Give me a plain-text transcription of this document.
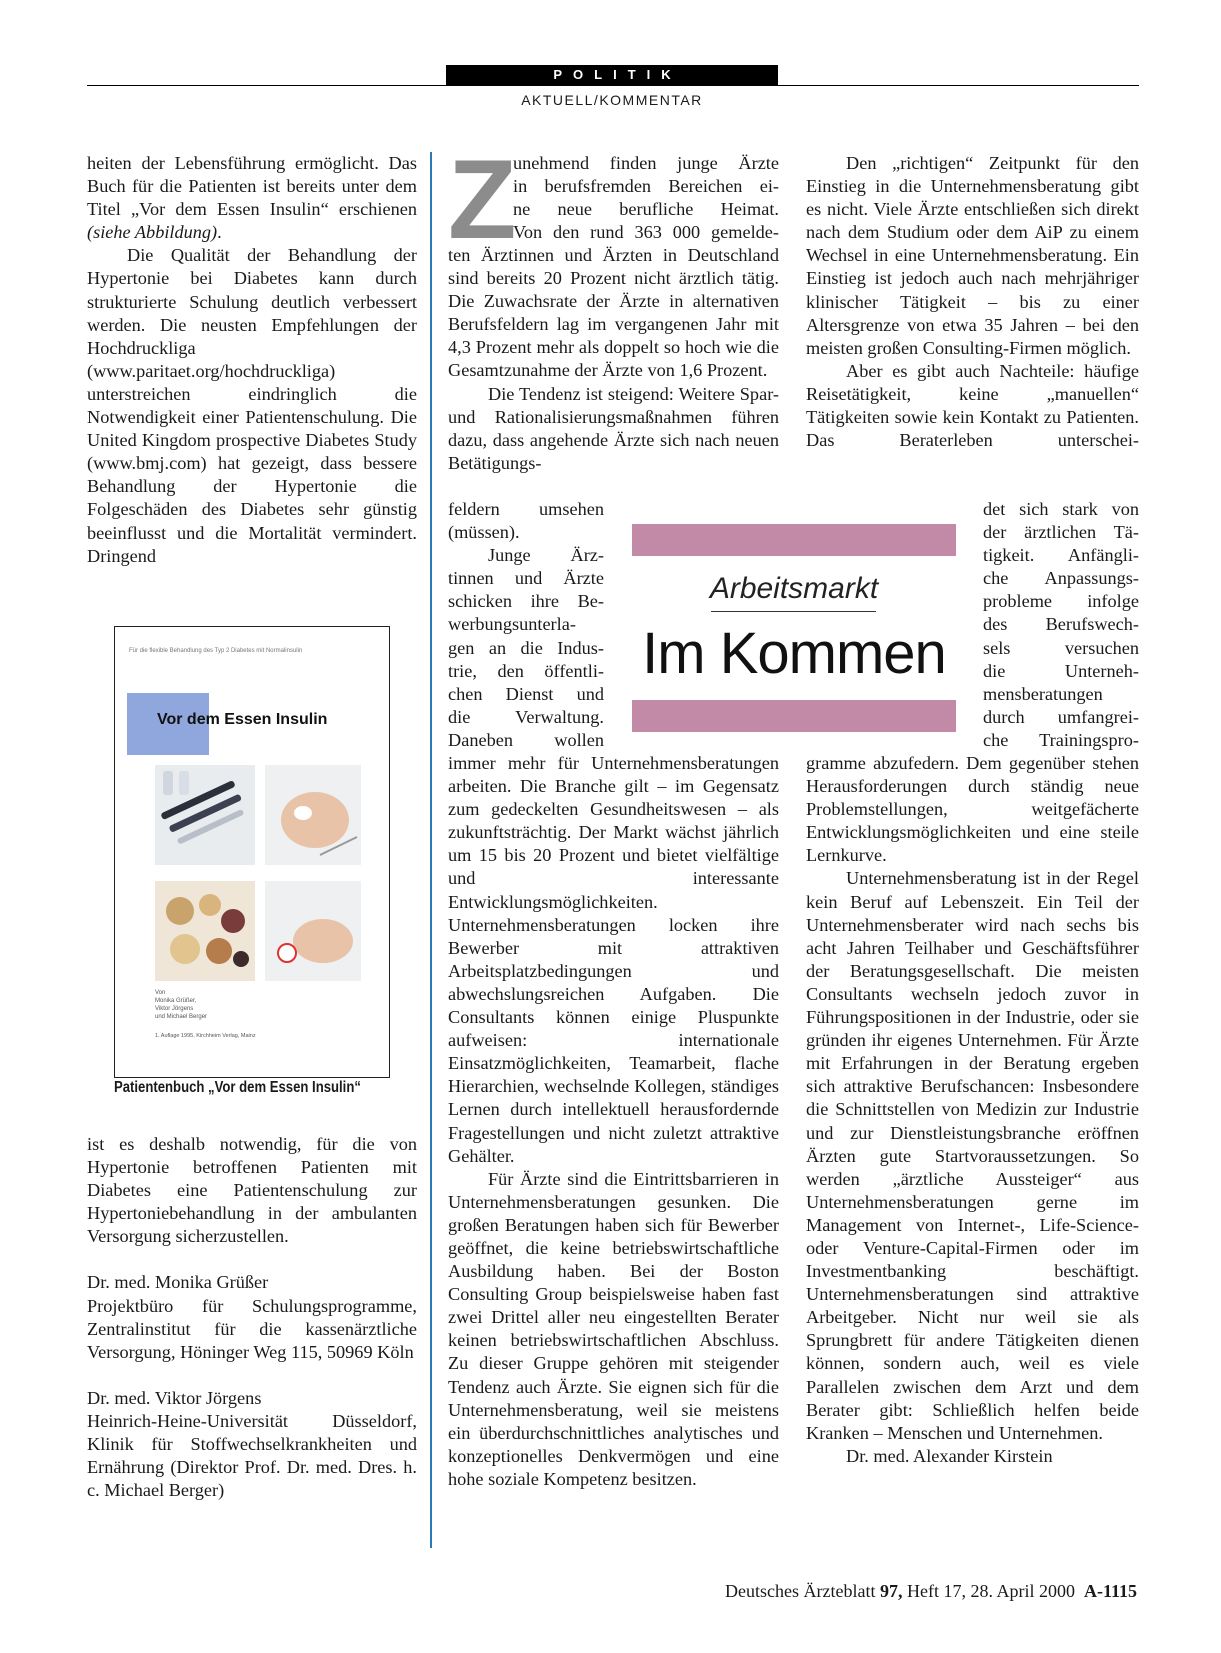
POLITIK
AKTUELL/KOMMENTAR

heiten der Lebensführung ermöglicht. Das Buch für die Patienten ist bereits unter dem Titel „Vor dem Essen Insulin“ erschienen (siehe Abbildung).

Die Qualität der Behandlung der Hypertonie bei Diabetes kann durch strukturierte Schulung deutlich verbessert werden. Die neusten Empfehlungen der Hochdruckliga (www.paritaet.org/hochdruckliga) unterstreichen eindringlich die Notwendigkeit einer Patientenschulung. Die United Kingdom prospective Diabetes Study (www.bmj.com) hat gezeigt, dass bessere Behandlung der Hypertonie die Folgeschäden des Diabetes sehr günstig beeinflusst und die Mortalität vermindert. Dringend

Für die flexible Behandlung des Typ 2 Diabetes mit Normalinsulin
Vor dem Essen Insulin
Von
Monika Grüßer,
Viktor Jörgens
und Michael Berger
1. Auflage 1995, Kirchheim Verlag, Mainz
Patientenbuch „Vor dem Essen Insulin“

ist es deshalb notwendig, für die von Hypertonie betroffenen Patienten mit Diabetes eine Patientenschulung zur Hypertoniebehandlung in der ambulanten Versorgung sicherzustellen.

Dr. med. Monika Grüßer

Projektbüro für Schulungsprogramme, Zentralinstitut für die kassenärztliche Versorgung, Höninger Weg 115, 50969 Köln

Dr. med. Viktor Jörgens

Heinrich-Heine-Universität Düsseldorf, Klinik für Stoffwechselkrankheiten und Ernährung (Direktor Prof. Dr. med. Dres. h. c. Michael Berger)

Z
unehmend finden junge Ärzte
in berufsfremden Bereichen ei-
ne neue berufliche Heimat.
Von den rund 363 000 gemelde-

ten Ärztinnen und Ärzten in Deutschland sind bereits 20 Prozent nicht ärztlich tätig. Die Zuwachsrate der Ärzte in alternativen Berufsfeldern lag im vergangenen Jahr mit 4,3 Prozent mehr als doppelt so hoch wie die Gesamtzunahme der Ärzte von 1,6 Prozent.

Die Tendenz ist steigend: Weitere Spar- und Rationalisierungsmaßnahmen führen dazu, dass angehende Ärzte sich nach neuen Betätigungs-

feldern umsehen
(müssen).
Junge Ärz-
tinnen und Ärzte
schicken ihre Be-
werbungsunterla-
gen an die Indus-
trie, den öffentli-
chen Dienst und
die Verwaltung.
Daneben wollen
Arbeitsmarkt
Im Kommen

immer mehr für Unternehmensberatungen arbeiten. Die Branche gilt – im Gegensatz zum gedeckelten Gesundheitswesen – als zukunftsträchtig. Der Markt wächst jährlich um 15 bis 20 Prozent und bietet vielfältige und interessante Entwicklungsmöglichkeiten. Unternehmensberatungen locken ihre Bewerber mit attraktiven Arbeitsplatzbedingungen und abwechslungsreichen Aufgaben. Die Consultants können einige Pluspunkte aufweisen: internationale Einsatzmöglichkeiten, Teamarbeit, flache Hierarchien, wechselnde Kollegen, ständiges Lernen durch intellektuell herausfordernde Fragestellungen und nicht zuletzt attraktive Gehälter.

Für Ärzte sind die Eintrittsbarrieren in Unternehmensberatungen gesunken. Die großen Beratungen haben sich für Bewerber geöffnet, die keine betriebswirtschaftliche Ausbildung haben. Bei der Boston Consulting Group beispielsweise haben fast zwei Drittel aller neu eingestellten Berater keinen betriebswirtschaftlichen Abschluss. Zu dieser Gruppe gehören mit steigender Tendenz auch Ärzte. Sie eignen sich für die Unternehmensberatung, weil sie meistens ein überdurchschnittliches analytisches und konzeptionelles Denkvermögen und eine hohe soziale Kompetenz besitzen.

Den „richtigen“ Zeitpunkt für den Einstieg in die Unternehmensberatung gibt es nicht. Viele Ärzte entschließen sich direkt nach dem Studium oder dem AiP zu einem Wechsel in eine Unternehmensberatung. Ein Einstieg ist jedoch auch nach mehrjähriger klinischer Tätigkeit – bis zu einer Altersgrenze von etwa 35 Jahren – bei den meisten großen Consulting-Firmen möglich.

Aber es gibt auch Nachteile: häufige Reisetätigkeit, keine „manuellen“ Tätigkeiten sowie kein Kontakt zu Patienten. Das Beraterleben unterschei-

det sich stark von
der ärztlichen Tä-
tigkeit. Anfängli-
che Anpassungs-
probleme infolge
des Berufswech-
sels versuchen
die Unterneh-
mensberatungen
durch umfangrei-
che Trainingspro-

gramme abzufedern. Dem gegenüber stehen Herausforderungen durch ständig neue Problemstellungen, weitgefächerte Entwicklungsmöglichkeiten und eine steile Lernkurve.

Unternehmensberatung ist in der Regel kein Beruf auf Lebenszeit. Ein Teil der Unternehmensberater wird nach sechs bis acht Jahren Teilhaber und Geschäftsführer der Beratungsgesellschaft. Die meisten Consultants wechseln jedoch zuvor in Führungspositionen in der Industrie, oder sie gründen ihr eigenes Unternehmen. Für Ärzte mit Erfahrungen in der Beratung ergeben sich attraktive Berufschancen: Insbesondere die Schnittstellen von Medizin zur Industrie und zur Dienstleistungsbranche eröffnen Ärzten gute Startvoraussetzungen. So werden „ärztliche Aussteiger“ aus Unternehmensberatungen gerne im Management von Internet-, Life-Science- oder Venture-Capital-Firmen oder im Investmentbanking beschäftigt. Unternehmensberatungen sind attraktive Arbeitgeber. Nicht nur weil sie als Sprungbrett für andere Tätigkeiten dienen können, sondern auch, weil es viele Parallelen zwischen dem Arzt und dem Berater gibt: Schließlich helfen beide Kranken – Menschen und Unternehmen.

Dr. med. Alexander Kirstein

Deutsches Ärzteblatt 97, Heft 17, 28. April 2000 A-1115
